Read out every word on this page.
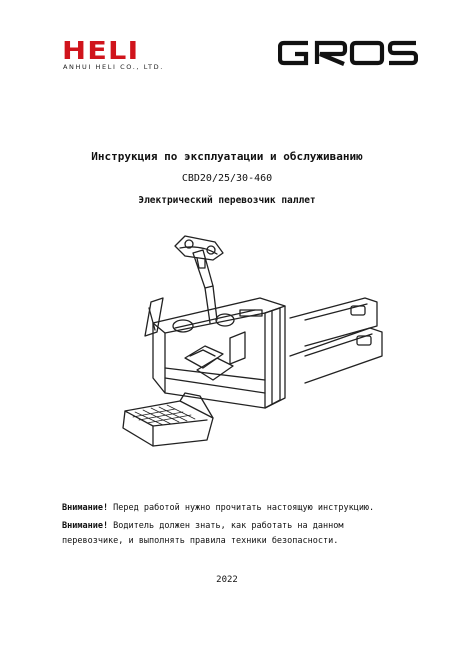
HELI
ANHUI HELI CO., LTD.
Инструкция по эксплуатации и обслуживанию
CBD20/25/30-460
Электрический перевозчик паллет
Внимание! Перед работой нужно прочитать настоящую инструкцию.
Внимание! Водитель должен знать, как работать на данном
перевозчике, и выполнять правила техники безопасности.
2022
